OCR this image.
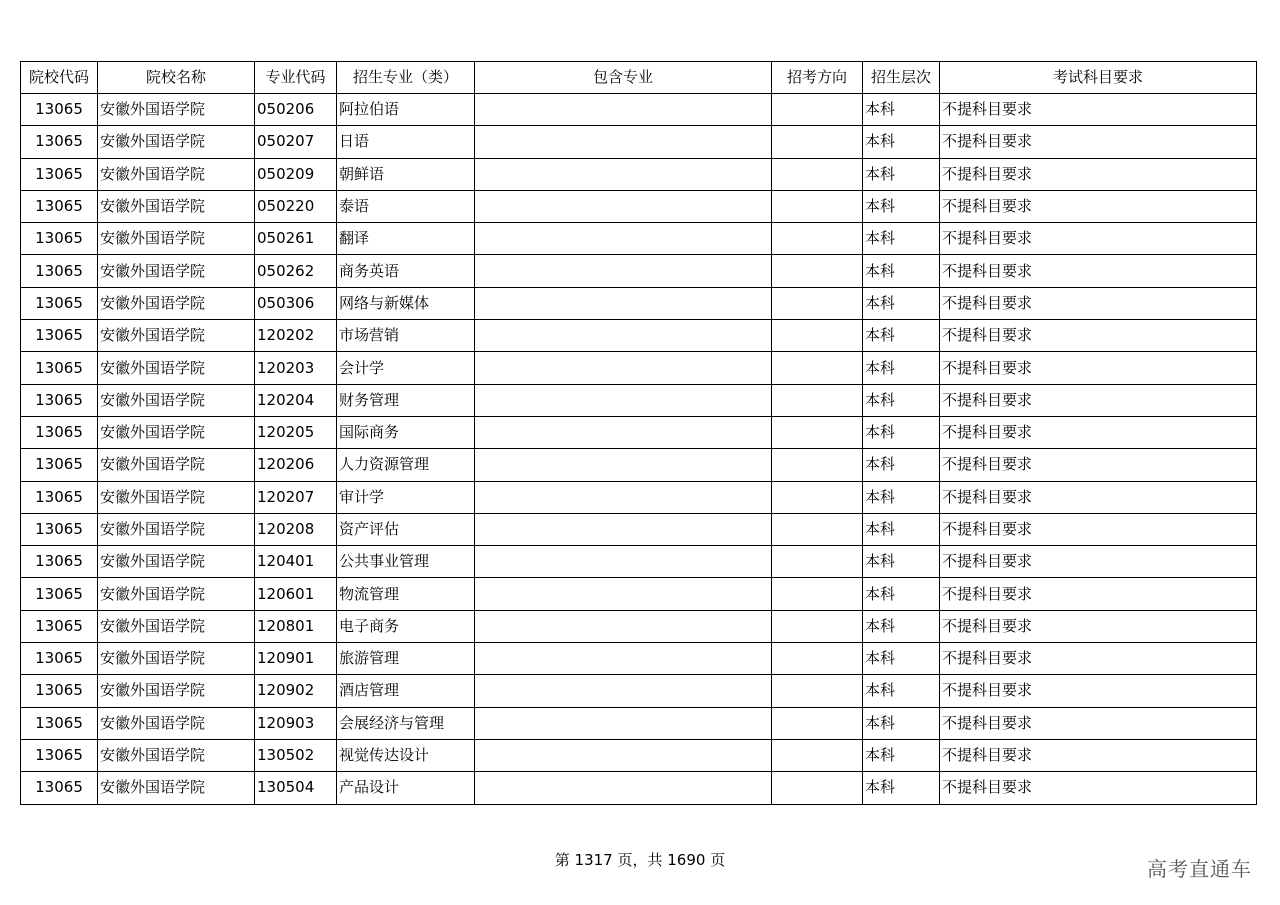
院校代码	院校名称	专业代码	招生专业（类）	包含专业	招考方向	招生层次	考试科目要求
13065	安徽外国语学院	050206	阿拉伯语			本科	不提科目要求
13065	安徽外国语学院	050207	日语			本科	不提科目要求
13065	安徽外国语学院	050209	朝鲜语			本科	不提科目要求
13065	安徽外国语学院	050220	泰语			本科	不提科目要求
13065	安徽外国语学院	050261	翻译			本科	不提科目要求
13065	安徽外国语学院	050262	商务英语			本科	不提科目要求
13065	安徽外国语学院	050306	网络与新媒体			本科	不提科目要求
13065	安徽外国语学院	120202	市场营销			本科	不提科目要求
13065	安徽外国语学院	120203	会计学			本科	不提科目要求
13065	安徽外国语学院	120204	财务管理			本科	不提科目要求
13065	安徽外国语学院	120205	国际商务			本科	不提科目要求
13065	安徽外国语学院	120206	人力资源管理			本科	不提科目要求
13065	安徽外国语学院	120207	审计学			本科	不提科目要求
13065	安徽外国语学院	120208	资产评估			本科	不提科目要求
13065	安徽外国语学院	120401	公共事业管理			本科	不提科目要求
13065	安徽外国语学院	120601	物流管理			本科	不提科目要求
13065	安徽外国语学院	120801	电子商务			本科	不提科目要求
13065	安徽外国语学院	120901	旅游管理			本科	不提科目要求
13065	安徽外国语学院	120902	酒店管理			本科	不提科目要求
13065	安徽外国语学院	120903	会展经济与管理			本科	不提科目要求
13065	安徽外国语学院	130502	视觉传达设计			本科	不提科目要求
13065	安徽外国语学院	130504	产品设计			本科	不提科目要求
第 1317 页，共 1690 页	高考直通车
